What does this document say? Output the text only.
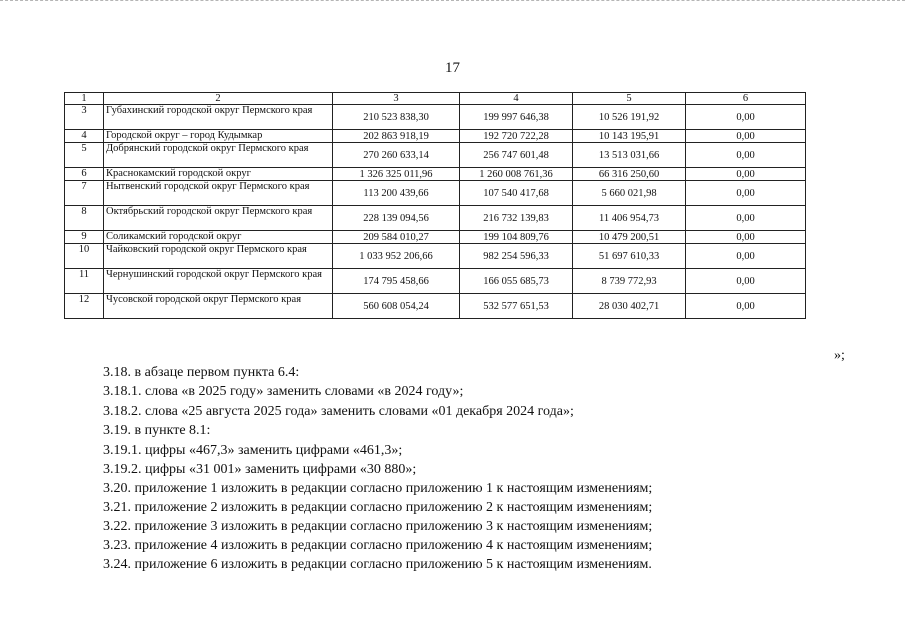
17
1	2	3	4	5	6
3	Губахинский городской округ Пермского края	210 523 838,30	199 997 646,38	10 526 191,92	0,00
4	Городской округ – город Кудымкар	202 863 918,19	192 720 722,28	10 143 195,91	0,00
5	Добрянский городской округ Пермского края	270 260 633,14	256 747 601,48	13 513 031,66	0,00
6	Краснокамский городской округ	1 326 325 011,96	1 260 008 761,36	66 316 250,60	0,00
7	Нытвенский городской округ Пермского края	113 200 439,66	107 540 417,68	5 660 021,98	0,00
8	Октябрьский городской округ Пермского края	228 139 094,56	216 732 139,83	11 406 954,73	0,00
9	Соликамский городской округ	209 584 010,27	199 104 809,76	10 479 200,51	0,00
10	Чайковский городской округ Пермского края	1 033 952 206,66	982 254 596,33	51 697 610,33	0,00
11	Чернушинский городской округ Пермского края	174 795 458,66	166 055 685,73	8 739 772,93	0,00
12	Чусовской городской округ Пермского края	560 608 054,24	532 577 651,53	28 030 402,71	0,00
»;
3.18. в абзаце первом пункта 6.4:
3.18.1. слова «в 2025 году» заменить словами «в 2024 году»;
3.18.2. слова «25 августа 2025 года» заменить словами «01 декабря 2024 года»;
3.19. в пункте 8.1:
3.19.1. цифры «467,3» заменить цифрами «461,3»;
3.19.2. цифры «31 001» заменить цифрами «30 880»;
3.20. приложение 1 изложить в редакции согласно приложению 1 к настоящим изменениям;
3.21. приложение 2 изложить в редакции согласно приложению 2 к настоящим изменениям;
3.22. приложение 3 изложить в редакции согласно приложению 3 к настоящим изменениям;
3.23. приложение 4 изложить в редакции согласно приложению 4 к настоящим изменениям;
3.24. приложение 6 изложить в редакции согласно приложению 5 к настоящим изменениям.
